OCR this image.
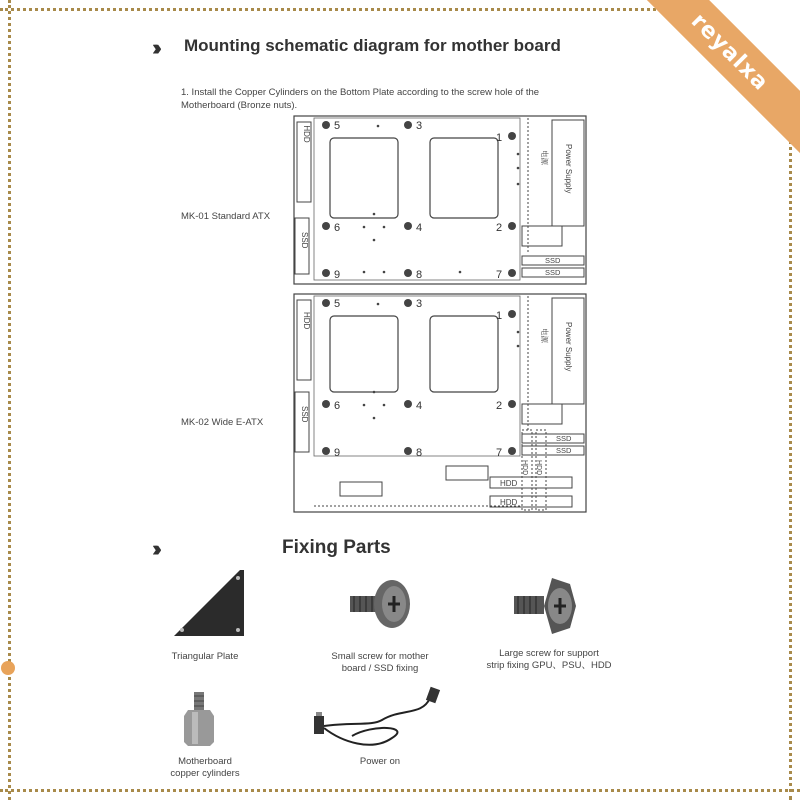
reyalxa
››› Mounting schematic diagram for mother board
1. Install the Copper Cylinders on the Bottom Plate according to the screw hole of the
Motherboard (Bronze nuts).
MK-01 Standard ATX
MK-02 Wide E-ATX
HDD
SSD
5	3
1
6	4	2
9	8	7
Power Supply
电源
SSD
SSD
HDD
SSD
5	3
1
6	4	2
9	8	7
Power Supply
电源
SSD
SSD
HDD HDD
HDD
HDD
›››	Fixing Parts
Triangular Plate	Small screw for mother
board / SSD fixing
Large screw for support
strip fixing GPU、PSU、HDD
Motherboard
copper cylinders
Power on
